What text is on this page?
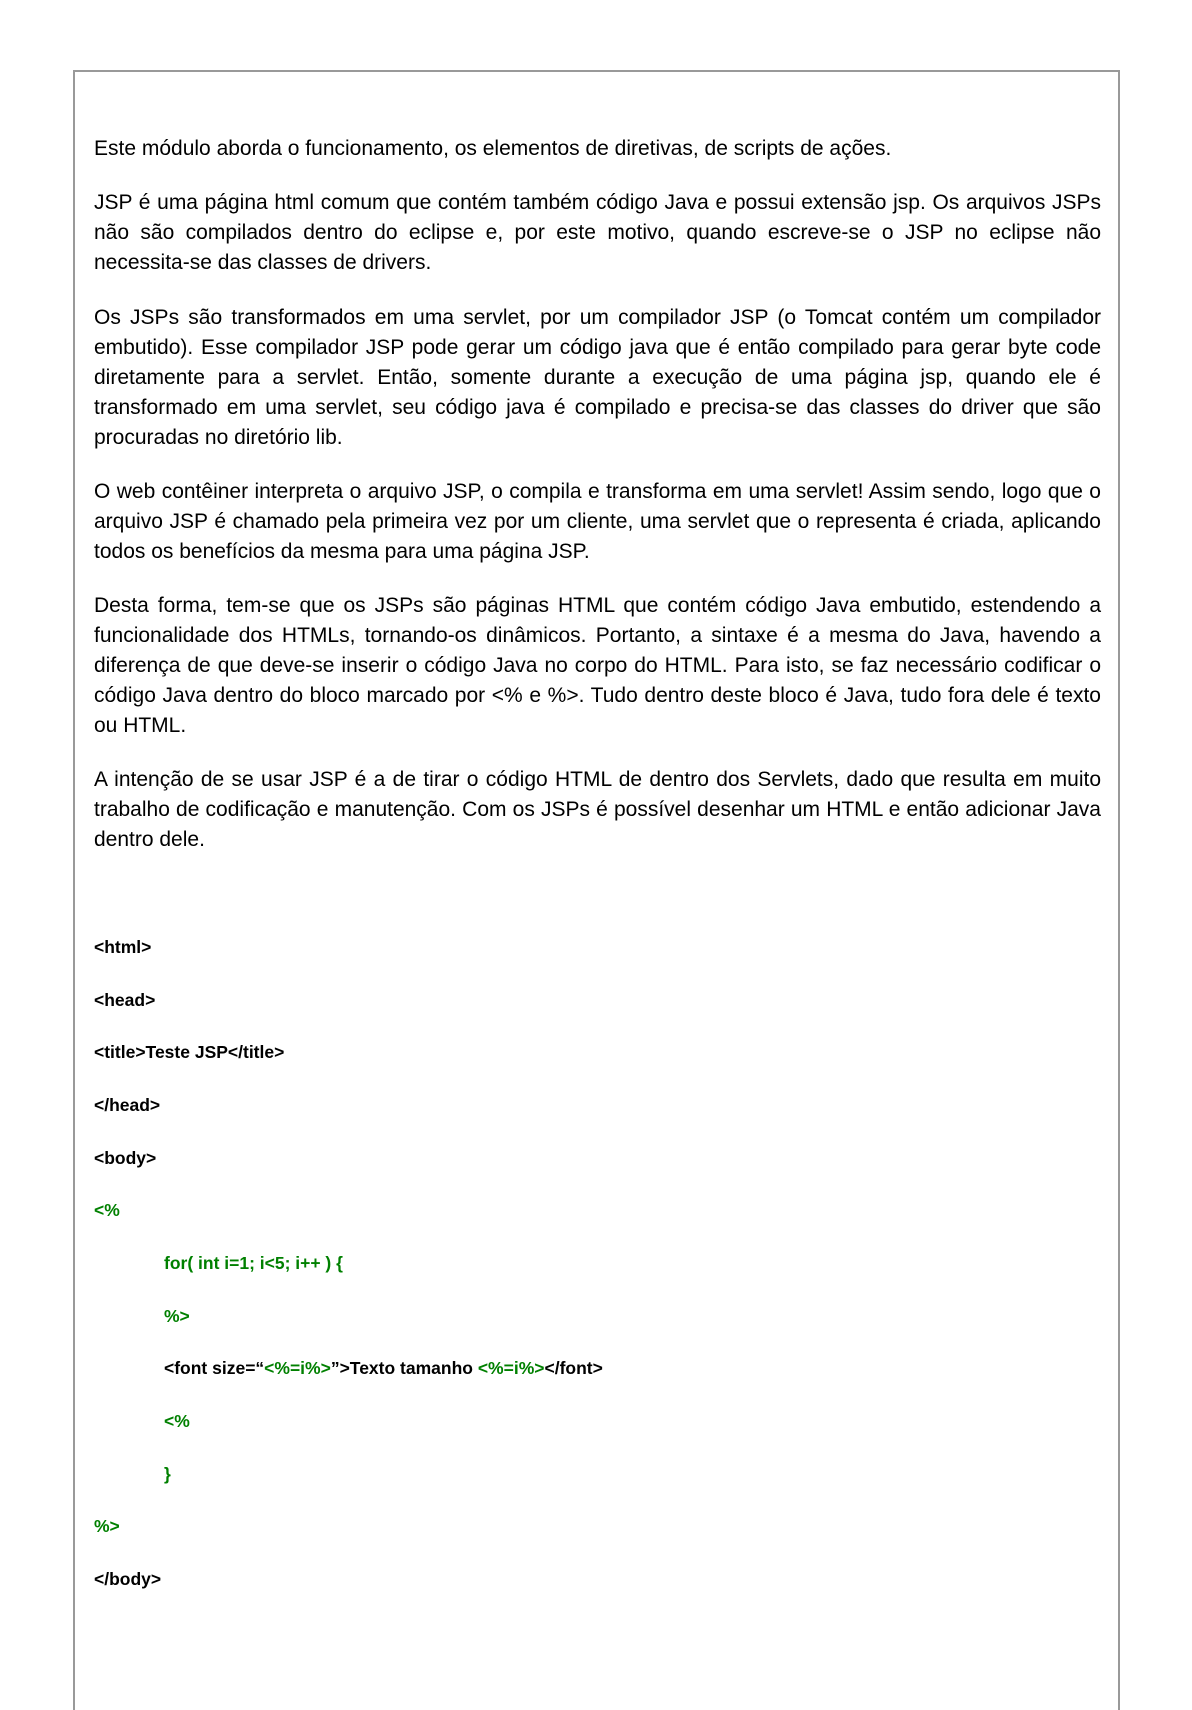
Este módulo aborda o funcionamento, os elementos de diretivas, de scripts de ações.

JSP é uma página html comum que contém também código Java e possui extensão jsp. Os arquivos JSPs não são compilados dentro do eclipse e, por este motivo, quando escreve-se o JSP no eclipse não necessita-se das classes de drivers.

Os JSPs são transformados em uma servlet, por um compilador JSP (o Tomcat contém um compilador embutido). Esse compilador JSP pode gerar um código java que é então compilado para gerar byte code diretamente para a servlet. Então, somente durante a execução de uma página jsp, quando ele é transformado em uma servlet, seu código java é compilado e precisa-se das classes do driver que são procuradas no diretório lib.

O web contêiner interpreta o arquivo JSP, o compila e transforma em uma servlet! Assim sendo, logo que o arquivo JSP é chamado pela primeira vez por um cliente, uma servlet que o representa é criada, aplicando todos os benefícios da mesma para uma página JSP.

Desta forma, tem-se que os JSPs são páginas HTML que contém código Java embutido, estendendo a funcionalidade dos HTMLs, tornando-os dinâmicos. Portanto, a sintaxe é a mesma do Java, havendo a diferença de que deve-se inserir o código Java no corpo do HTML. Para isto, se faz necessário codificar o código Java dentro do bloco marcado por <% e %>. Tudo dentro deste bloco é Java, tudo fora dele é texto ou HTML.

A intenção de se usar JSP é a de tirar o código HTML de dentro dos Servlets, dado que resulta em muito trabalho de codificação e manutenção. Com os JSPs é possível desenhar um HTML e então adicionar Java dentro dele.

<html>
<head>
<title>Teste JSP</title>
</head>
<body>
<%
for( int i=1; i<5; i++ ) {
%>
<font size=“<%=i%>”>Texto tamanho <%=i%></font>
<%
}
%>
</body>
